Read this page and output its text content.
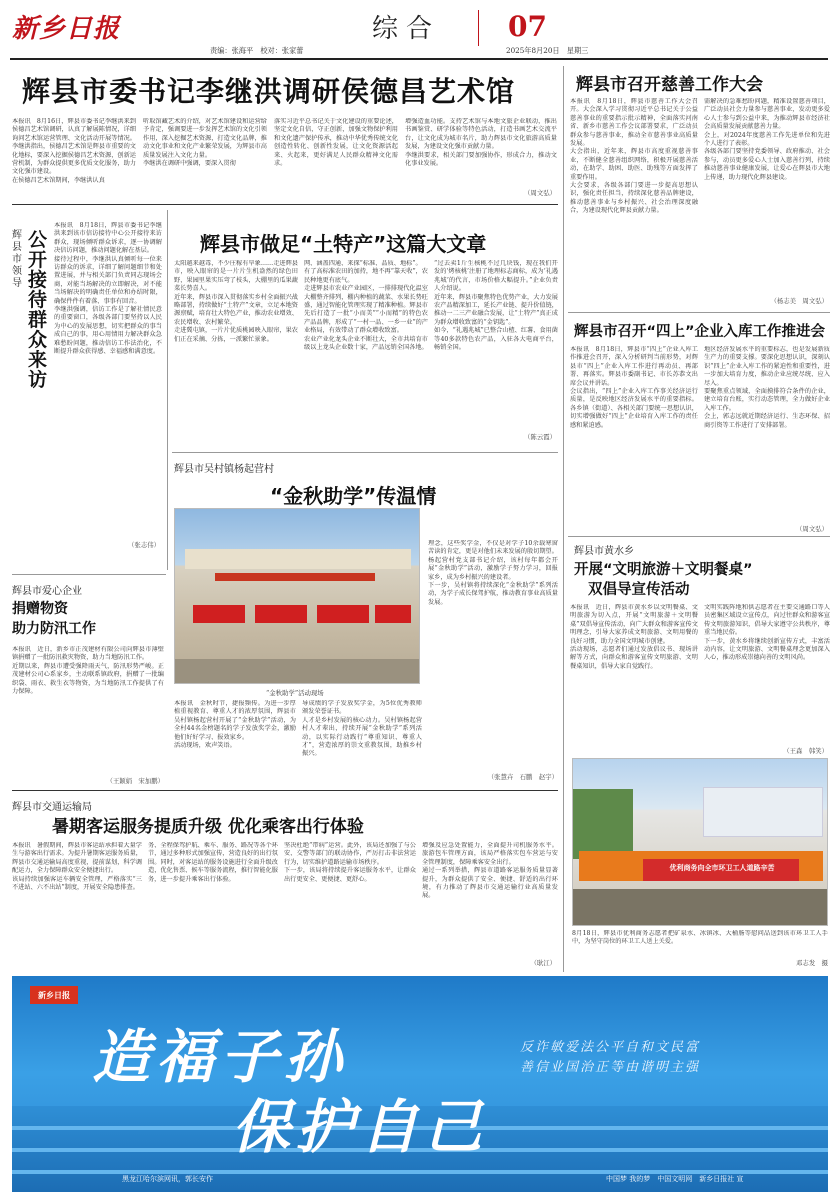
新乡日报
责编：张海平　校对：张家蕾
综合 07
2025年8月20日　星期三
辉县市委书记李继洪调研侯德昌艺术馆
本报讯　8月16日，辉县市委书记李继洪来到侯德昌艺术馆调研，认真了解展陈情况，详细询问艺术馆运营管理、文化活动开展等情况。李继洪指出，侯德昌艺术馆是辉县市重要的文化地标，要深入挖掘侯德昌艺术资源，创新运营机制，为群众提供更多优质文化服务，助力文化强市建设。
在侯德昌艺术馆期间，李继洪认真
听取馆藏艺术的介绍，对艺术馆建设和运营给予肯定，强调要进一步发挥艺术馆的文化引领作用，深入挖掘艺术资源，打造文化品牌，推动文化事业和文化产业繁荣发展，为辉县市高质量发展注入文化力量。
李继洪在调研中强调，要深入贯彻
落实习近平总书记关于文化建设的重要论述，坚定文化自信，守正创新，加强文物保护利用和文化遗产保护传承，推动中华优秀传统文化创造性转化、创新性发展，让文化资源活起来、火起来，更好满足人民群众精神文化需求。
增强造血功能。支持艺术馆与本地文旅企业联动，推出书画鉴赏、研学体验等特色活动，打造书画艺术交流平台，让文化成为城市名片，助力辉县市文化旅游高质量发展，为建设文化强市贡献力量。
李继洪要求，相关部门要加强协作，形成合力，推动文化事业发展。
（周文弘）
辉县市领导
公开接待群众来访
本报讯　8月18日，辉县市委书记李继洪来到该市信访接待中心公开接待来访群众，现场倾听群众诉求，逐一协调解决信访问题，推动问题化解在基层。
接待过程中，李继洪认真倾听每一位来访群众的诉求，详细了解问题细节和处置进展，并与相关部门负责同志现场会商，对能当场解决的立即解决，对不能当场解决的明确责任单位和办结时限，确保件件有着落、事事有回音。
李继洪强调，信访工作是了解社情民意的重要窗口，各级各部门要坚持以人民为中心的发展思想，切实把群众的事当成自己的事，用心用情用力解决群众急难愁盼问题，推动信访工作法治化，不断提升群众获得感、幸福感和满意度。
（张志伟）
辉县市做足“土特产”这篇大文章
太阳越来越毒，不少庄稼有旱象……走进辉县市，映入眼帘的是一片片生机盎然的绿色田野，果园里果实压弯了枝头，大棚里的瓜果蔬菜长势喜人。
近年来，辉县市深入贯彻落实乡村全面振兴战略部署，持续做好“土特产”文章，立足本地资源禀赋，培育壮大特色产业，推动农业增效、农民增收、农村繁荣。
走进冀屯镇，一片片优质桃园映入眼帘，果农们正在采摘、分拣，一派繁忙景象。
网、涵盖四通、来探“标准、品质、地标”。
有了高标准农田的加持，地不再“靠天收”，农民种地更有底气。
走进辉县市农业产业园区，一排排现代化温室大棚整齐排列，棚内种植的蔬菜、水果长势旺盛，通过智能化管理实现了精准种植。辉县市先后打造了一批“小而美”“小而精”的特色农产品品牌，形成了“一村一品、一乡一业”的产业格局，有效带动了群众增收致富。
农业产业化龙头企业不断壮大，全市共培育市级以上龙头企业数十家，产品远销全国各地。
“过去卖1斤生核桃不过几块钱，现在我们开发的‘烤核桃’注册了地理标志商标，成为‘礼遇兆城’的代言，市场价格大幅提升。”企业负责人介绍说。
近年来，辉县市聚焦特色优势产业，大力发展农产品精深加工，延长产业链、提升价值链，推动一二三产业融合发展，让“土特产”真正成为群众增收致富的“金钥匙”。
如今，“礼遇兆城”已整合山楂、红薯、食用菌等40多款特色农产品，入驻各大电商平台，畅销全国。
（陈云霞）
辉县市吴村镇杨起营村
“金秋助学”传温情
“金秋助学”活动现场
本报讯　金秋时节，捷报频传。为进一步厚植重视教育、尊重人才的浓厚氛围，辉县市吴村镇杨起营村开展了“金秋助学”活动，为全村44名金榜题名的学子发放奖学金，激励他们好好学习、报效家乡。
活动现场，欢声笑语。
导成绩的学子发放奖学金，为5位优秀教师颁发荣誉证书。
人才是乡村发展的核心动力。吴村镇杨起营村人才辈出，持续开展“金秋助学”系列活动，以实际行动践行“尊重知识、尊重人才”，营造浓厚的崇文重教氛围，助推乡村振兴。
理念，这些奖学金，不仅是对学子10余载寒窗苦读的肯定，更是对他们未来发展的殷切期望。
杨起营村党支部书记介绍，该村每年都会开展“金秋助学”活动，激励学子努力学习，回报家乡，成为乡村振兴的建设者。
下一步，吴村镇将持续深化“金秋助学”系列活动，为学子成长保驾护航，推动教育事业高质量发展。
（张慧卉　石鹏　赵宇）
辉县市爱心企业
捐赠物资
助力防汛工作
本报讯　近日，新乡市正茂建材有限公司向辉县市薄壁镇捐赠了一批防汛救灾物资，助力当地防汛工作。
近期以来，辉县市遭受强降雨天气，防汛形势严峻。正茂建材公司心系家乡，主动联系镇政府，捐赠了一批编织袋、雨衣、救生衣等物资，为当地防汛工作提供了有力保障。
（王颖娟　宋加鹏）
辉县市交通运输局
暑期客运服务提质升级 优化乘客出行体验
本报讯　暑假期间，辉县市客运站承担着大量学生与游客出行需求。为提升暑期客运服务质量，辉县市交通运输局高度重视，提前谋划，科学调配运力，全力保障群众安全便捷出行。
该局持续加强客运车辆安全管理，严格落实“三不进站、六不出站”制度，开展安全隐患排查。
务、全程保驾护航、乘车、服务、路况等各个环节，通过多种形式加强宣传，营造良好的出行氛围。同时，对客运站的服务设施进行全面升级改造，优化售票、候车等服务流程，推行智能化服务，进一步提升乘客出行体验。
坚决杜绝“带病”运营。此外，该局还加强了与公安、交警等部门的联动协作，严厉打击非法营运行为，切实维护道路运输市场秩序。
下一步，该局将持续提升客运服务水平，让群众出行更安全、更便捷、更舒心。
增强及应急处置能力，全面提升司机服务水平。旅游包车管理方面，该局严格落实包车营运与安全管理制度，保障乘客安全出行。
通过一系列举措，辉县市道路客运服务质量显著提升，为群众提供了安全、便捷、舒适的出行环境，有力推动了辉县市交通运输行业高质量发展。
（耿江）
辉县市召开慈善工作大会
本报讯　8月18日，辉县市慈善工作大会召开。大会深入学习贯彻习近平总书记关于公益慈善事业的重要指示批示精神，全面落实河南省、新乡市慈善工作会议部署要求，广泛动员群众参与慈善事业，推动全市慈善事业高质量发展。
大会指出，近年来，辉县市高度重视慈善事业，不断健全慈善组织网络，积极开展慈善活动，在助学、助困、助医、助残等方面发挥了重要作用。
大会要求，各级各部门要进一步提高思想认识，强化责任担当，持续深化慈善品牌建设，推动慈善事业与乡村振兴、社会治理深度融合，为建设现代化辉县贡献力量。
需解决的急难愁盼问题，精准设置慈善项目，广泛动员社会力量参与慈善事业，发动更多爱心人士参与到公益中来，为推动辉县市经济社会高质量发展贡献慈善力量。
会上，对2024年度慈善工作先进单位和先进个人进行了表彰。
各级各部门要坚持党委领导、政府推动、社会参与，动员更多爱心人士加入慈善行列，持续推动慈善事业健康发展，让爱心在辉县市大地上传递，助力现代化辉县建设。
（杨志美　周文弘）
辉县市召开“四上”企业入库工作推进会
本报讯　8月18日，辉县市“四上”企业入库工作推进会召开，深入分析研判当前形势，对辉县市“四上”企业入库工作进行再动员、再部署、再落实。辉县市委副书记、市长苏恭文出席会议并讲话。
会议指出，“四上”企业入库工作事关经济运行质量，是反映地区经济发展水平的重要指标。各乡镇（街道）、各相关部门要统一思想认识，切实增强做好“四上”企业培育入库工作的责任感和紧迫感。
地区经济发展水平的重要标志，也是发展新质生产力的重要支撑。要深化思想认识，深刻认识“四上”企业入库工作的紧迫性和重要性，进一步加大培育力度，推动企业应统尽统、应入尽入。
要聚焦重点领域，全面摸排符合条件的企业，建立培育台账，实行动态管理，全力做好企业入库工作。
会上，郭志远就近期经济运行、生态环保、招商引资等工作进行了安排部署。
（周文弘）
辉县市黄水乡
开展“文明旅游＋文明餐桌”
双倡导宣传活动
本报讯　近日，辉县市黄水乡以文明餐桌、文明旅游为切入点，开展“文明旅游＋文明餐桌”双倡导宣传活动，向广大群众和游客宣传文明理念，引导大家养成文明旅游、文明用餐的良好习惯，助力全国文明城市创建。
活动现场，志愿者们通过发放倡议书、现场讲解等方式，向群众和游客宣传文明旅游、文明餐桌知识，倡导大家自觉践行。
文明实践阵地和供志愿者在主要交通路口等人员密集区域设立宣传点，向过往群众和游客宣传文明旅游知识，倡导大家遵守公共秩序，尊重当地民俗。
下一步，黄水乡将继续创新宣传方式，丰富活动内容，让文明旅游、文明餐桌理念更加深入人心，推动形成崇德向善的文明风尚。
（王森　韩笑）
优利商务向全市环卫工人道路辛苦
8月18日，辉县市优利商务志愿者把矿泉水、冰镇冰、大桶肠等慰问品送到该市环卫工人手中，为坚守岗位的环卫工人送上关爱。
邓志发　摄
新乡日报
造福子孙
保护自己
反诈敏爱法公平自和文民富
善信业国治正等由谐明主强
黑龙江哈尔滨网讯，郭长安作	中国梦 我的梦　中国文明网　新乡日报社 宣
